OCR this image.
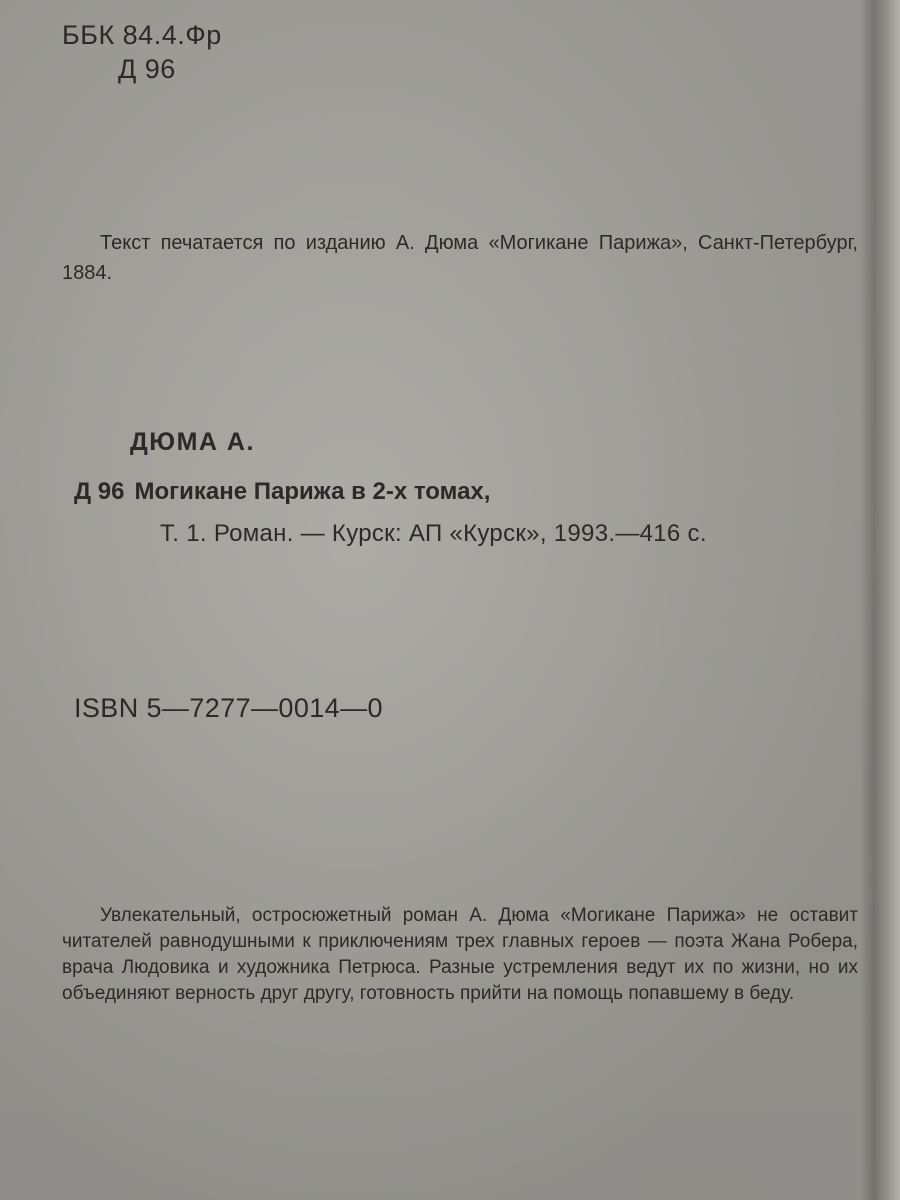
ББК 84.4.Фр
Д 96

Текст печатается по изданию А. Дюма «Могикане Парижа», Санкт-Петербург, 1884.

ДЮМА А.
Д 96 Могикане Парижа в 2-х томах,
Т. 1. Роман. — Курск: АП «Курск», 1993.—416 с.
ISBN 5—7277—0014—0

Увлекательный, остросюжетный роман А. Дюма «Могикане Парижа» не оставит читателей равнодушными к приключениям трех главных героев — поэта Жана Робера, врача Людовика и художника Петрюса. Разные устремления ведут их по жизни, но их объединяют верность друг другу, готовность прийти на помощь попавшему в беду.
